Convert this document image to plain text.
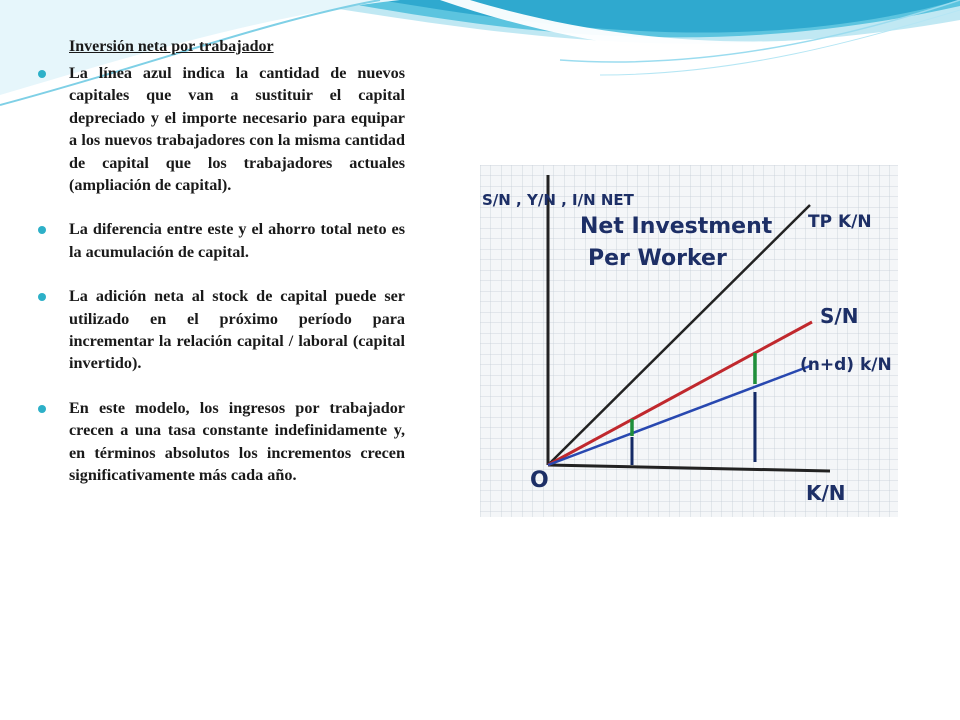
Inversión neta por trabajador
La línea azul indica la cantidad de nuevos capitales que van a sustituir el capital depreciado y el importe necesario para equipar a los nuevos trabajadores con la misma cantidad de capital que los trabajadores actuales (ampliación de capital).
La diferencia entre este y el ahorro total neto es la acumulación de capital.
La adición neta al stock de capital puede ser utilizado en el próximo período para incrementar la relación capital / laboral (capital invertido).
En este modelo, los ingresos por trabajador crecen a una tasa constante indefinidamente y, en términos absolutos los incrementos crecen significativamente más cada año.
S/N , Y/N , I/N NET
Net Investment
Per Worker
O	K/N
TP K/N
S/N
(n+d) k/N
